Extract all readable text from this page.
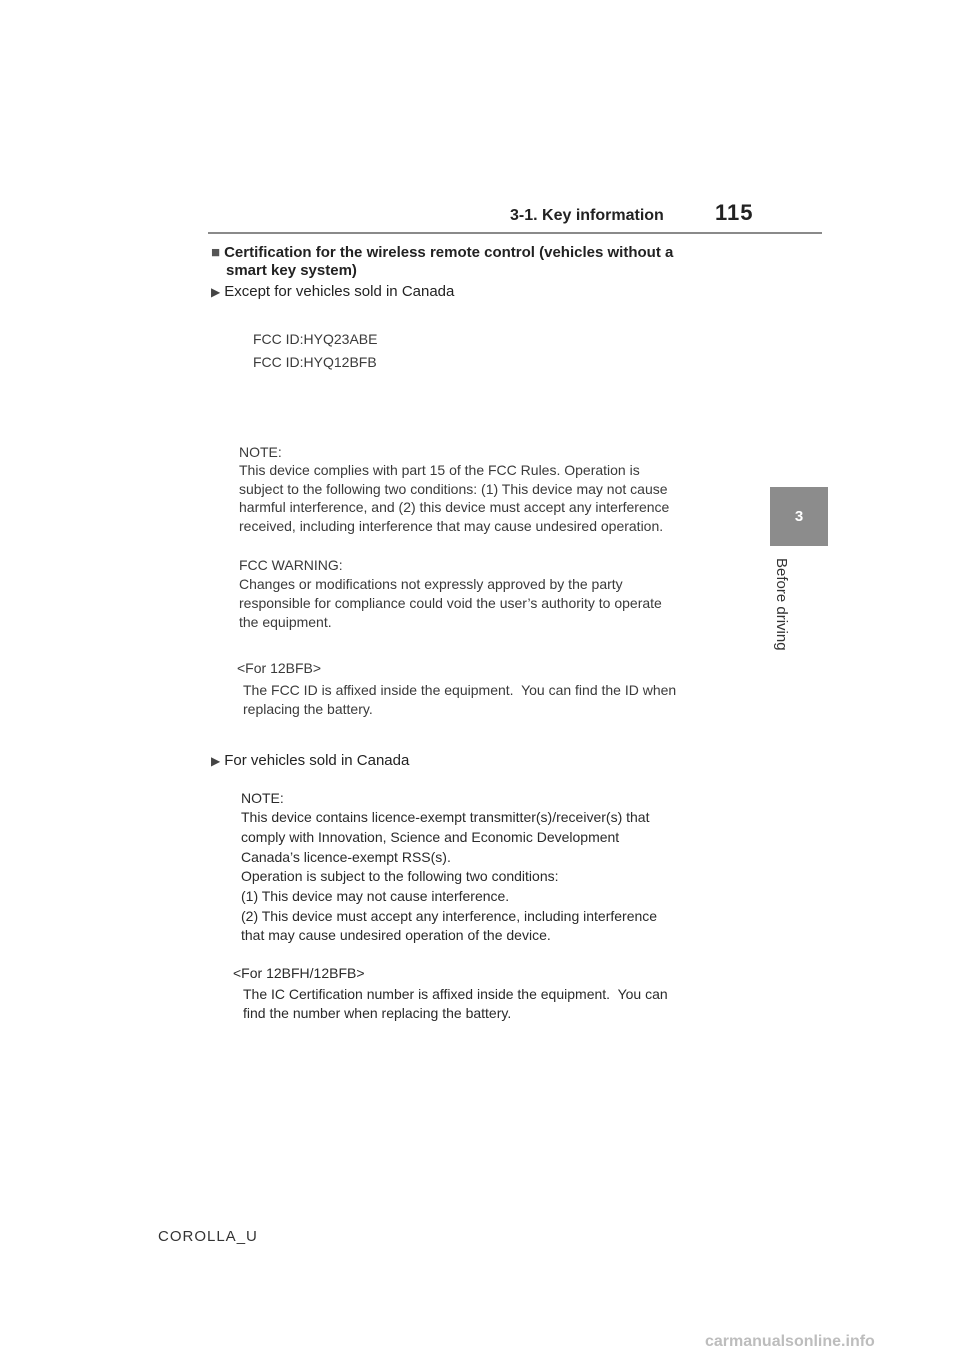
3-1. Key information 115
3
Before driving
■ Certification for the wireless remote control (vehicles without a
smart key system)
▶ Except for vehicles sold in Canada
FCC ID:HYQ23ABE
FCC ID:HYQ12BFB
NOTE:
This device complies with part 15 of the FCC Rules. Operation is
subject to the following two conditions: (1) This device may not cause
harmful interference, and (2) this device must accept any interference
received, including interference that may cause undesired operation.
FCC WARNING:
Changes or modifications not expressly approved by the party
responsible for compliance could void the user’s authority to operate
the equipment.
<For 12BFB>
The FCC ID is affixed inside the equipment.  You can find the ID when
replacing the battery.
▶ For vehicles sold in Canada
NOTE:
This device contains licence-exempt transmitter(s)/receiver(s) that
comply with Innovation, Science and Economic Development
Canada’s licence-exempt RSS(s).
Operation is subject to the following two conditions:
(1) This device may not cause interference.
(2) This device must accept any interference, including interference
that may cause undesired operation of the device.
<For 12BFH/12BFB>
The IC Certification number is affixed inside the equipment.  You can
find the number when replacing the battery.
COROLLA_U
carmanualsonline.info
